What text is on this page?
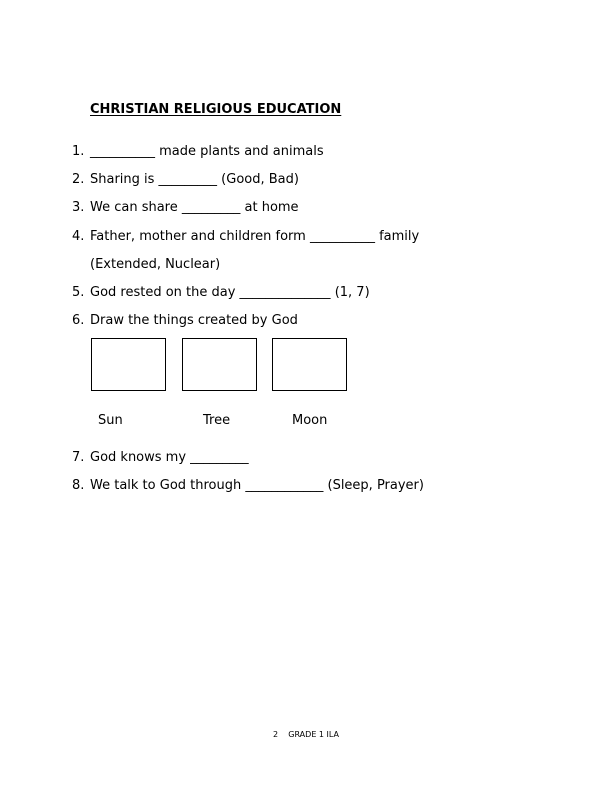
CHRISTIAN RELIGIOUS EDUCATION
1. __________ made plants and animals
2. Sharing is _________ (Good, Bad)
3. We can share _________ at home
4. Father, mother and children form __________ family
(Extended, Nuclear)
5. God rested on the day ______________ (1, 7)
6. Draw the things created by God
Sun	Tree	Moon
7. God knows my _________
8. We talk to God through ____________ (Sleep, Prayer)
2    GRADE 1 ILA
